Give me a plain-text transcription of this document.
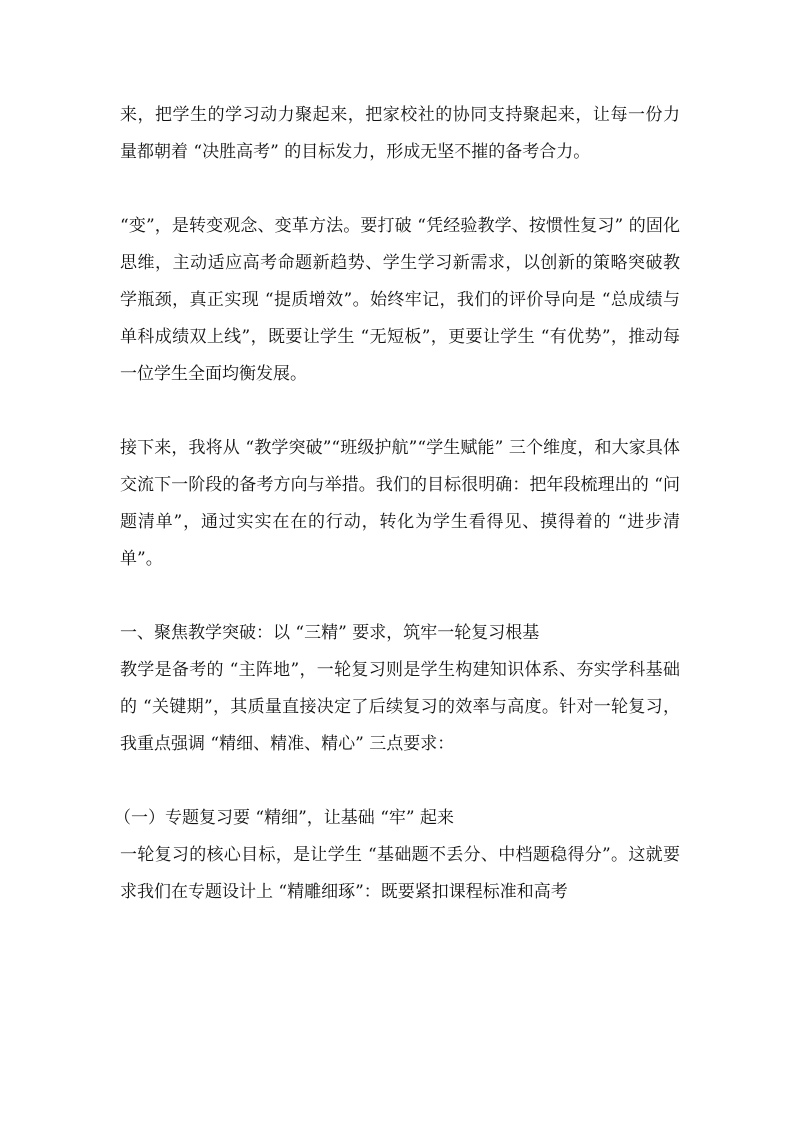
来，把学生的学习动力聚起来，把家校社的协同支持聚起来，让每一份力量都朝着 “决胜高考” 的目标发力，形成无坚不摧的备考合力。

“变”，是转变观念、变革方法。要打破 “凭经验教学、按惯性复习” 的固化思维，主动适应高考命题新趋势、学生学习新需求，以创新的策略突破教学瓶颈，真正实现 “提质增效”。始终牢记，我们的评价导向是 “总成绩与单科成绩双上线”，既要让学生 “无短板”，更要让学生 “有优势”，推动每一位学生全面均衡发展。

接下来，我将从 “教学突破”“班级护航”“学生赋能” 三个维度，和大家具体交流下一阶段的备考方向与举措。我们的目标很明确：把年段梳理出的 “问题清单”，通过实实在在的行动，转化为学生看得见、摸得着的 “进步清单”。

一、聚焦教学突破：以 “三精” 要求，筑牢一轮复习根基

教学是备考的 “主阵地”，一轮复习则是学生构建知识体系、夯实学科基础的 “关键期”，其质量直接决定了后续复习的效率与高度。针对一轮复习，我重点强调 “精细、精准、精心” 三点要求：

（一）专题复习要 “精细”，让基础 “牢” 起来

一轮复习的核心目标，是让学生 “基础题不丢分、中档题稳得分”。这就要求我们在专题设计上 “精雕细琢”：既要紧扣课程标准和高考
